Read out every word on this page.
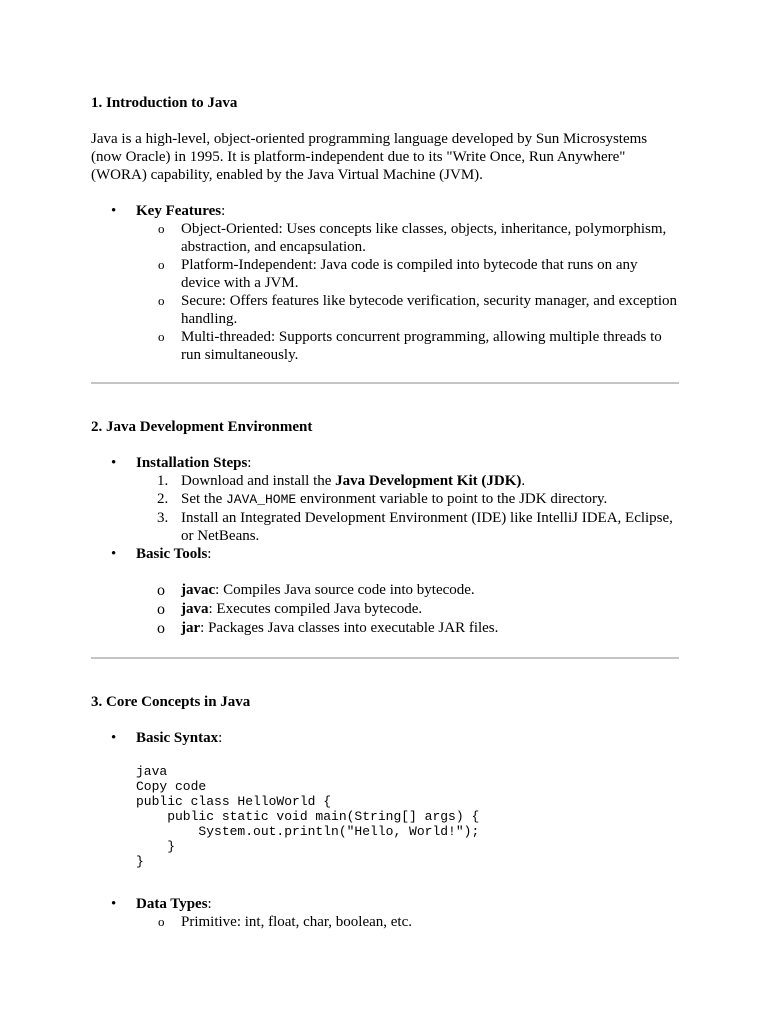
1. Introduction to Java

Java is a high-level, object-oriented programming language developed by Sun Microsystems (now Oracle) in 1995. It is platform-independent due to its "Write Once, Run Anywhere" (WORA) capability, enabled by the Java Virtual Machine (JVM).

• Key Features:
o Object-Oriented: Uses concepts like classes, objects, inheritance, polymorphism, abstraction, and encapsulation.
o Platform-Independent: Java code is compiled into bytecode that runs on any device with a JVM.
o Secure: Offers features like bytecode verification, security manager, and exception handling.
o Multi-threaded: Supports concurrent programming, allowing multiple threads to run simultaneously.
2. Java Development Environment
• Installation Steps:
1. Download and install the Java Development Kit (JDK).
2. Set the JAVA_HOME environment variable to point to the JDK directory.
3. Install an Integrated Development Environment (IDE) like IntelliJ IDEA, Eclipse, or NetBeans.
• Basic Tools:
o javac: Compiles Java source code into bytecode.
o java: Executes compiled Java bytecode.
o jar: Packages Java classes into executable JAR files.
3. Core Concepts in Java
• Basic Syntax:
java
Copy code
public class HelloWorld {
public static void main(String[] args) {
System.out.println("Hello, World!");
}
}
• Data Types:
o Primitive: int, float, char, boolean, etc.
